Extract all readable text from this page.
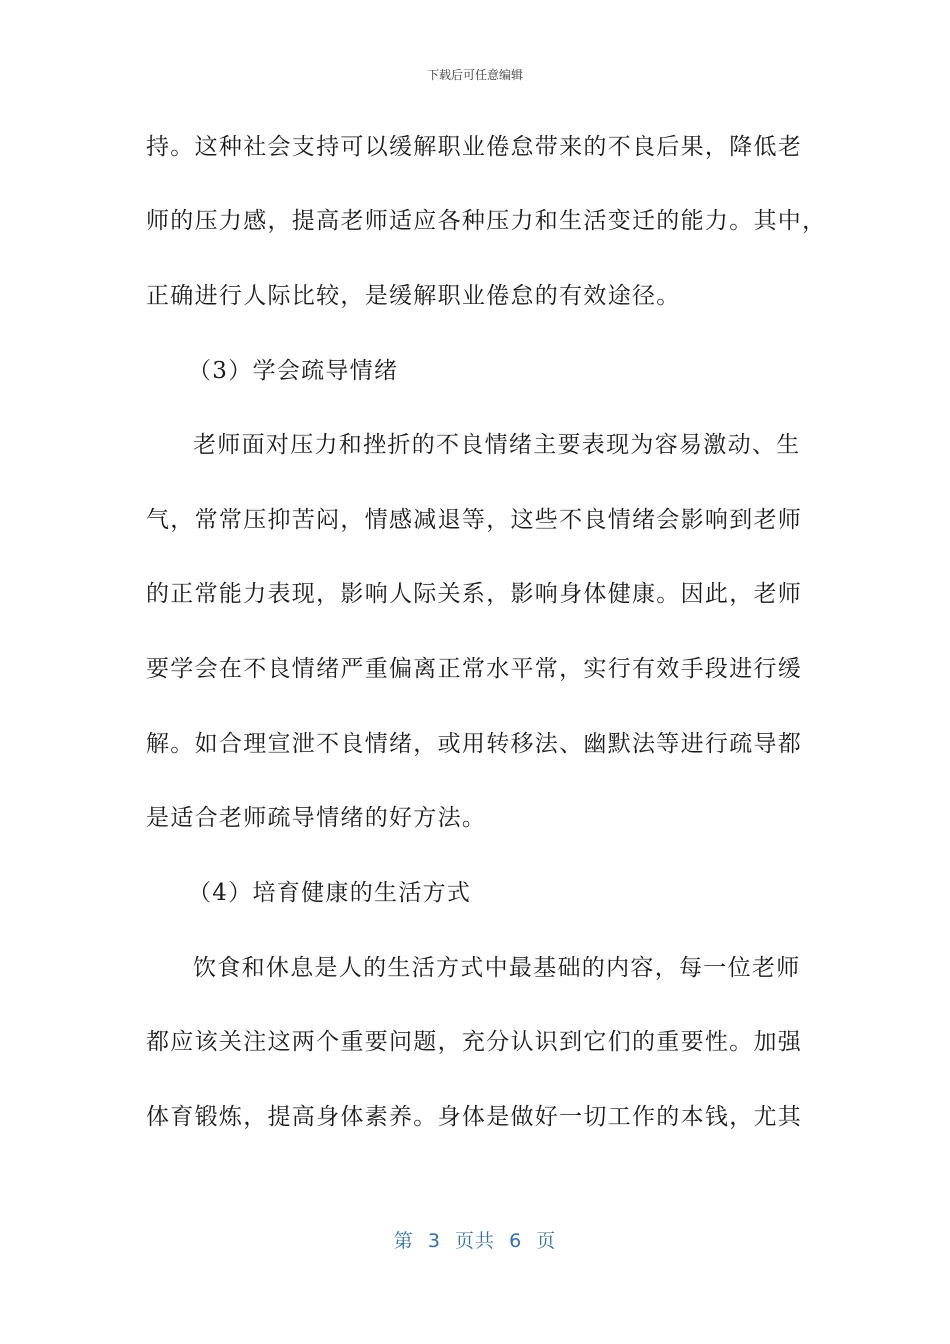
下载后可任意编辑
持。这种社会支持可以缓解职业倦怠带来的不良后果，降低老
师的压力感，提高老师适应各种压力和生活变迁的能力。其中，
正确进行人际比较，是缓解职业倦怠的有效途径。
（3）学会疏导情绪
老师面对压力和挫折的不良情绪主要表现为容易激动、生
气，常常压抑苦闷，情感减退等，这些不良情绪会影响到老师
的正常能力表现，影响人际关系，影响身体健康。因此，老师
要学会在不良情绪严重偏离正常水平常，实行有效手段进行缓
解。如合理宣泄不良情绪，或用转移法、幽默法等进行疏导都
是适合老师疏导情绪的好方法。
（4）培育健康的生活方式
饮食和休息是人的生活方式中最基础的内容，每一位老师
都应该关注这两个重要问题，充分认识到它们的重要性。加强
体育锻炼，提高身体素养。身体是做好一切工作的本钱，尤其
第  3  页共  6  页
